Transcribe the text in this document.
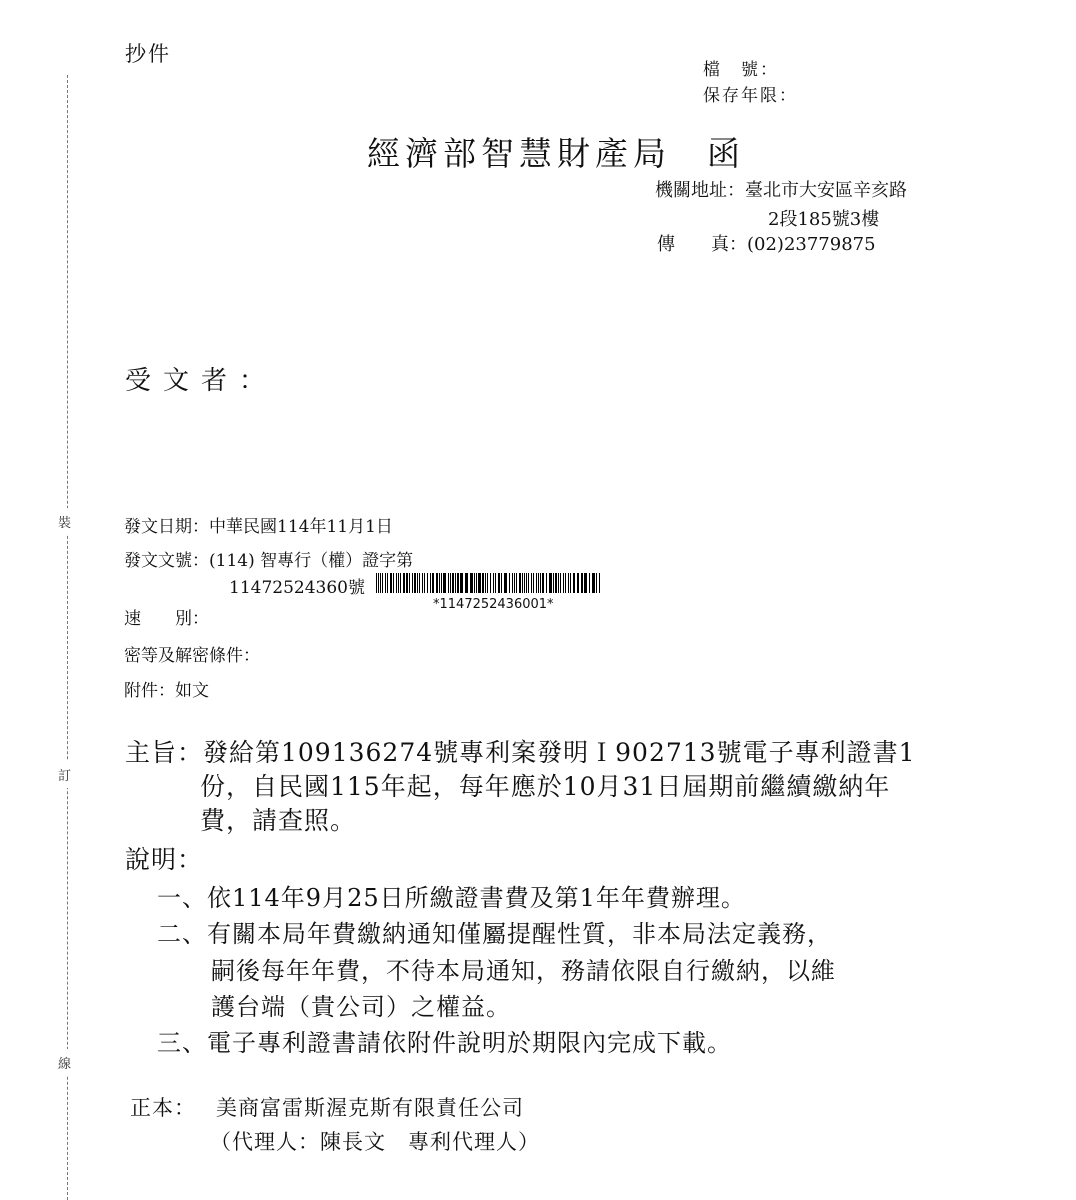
裝
訂
線
抄件
檔　號：
保存年限：
經濟部智慧財產局 函
機關地址：臺北市大安區辛亥路
2段185號3樓
傳　　真：(02)23779875
受文者：
發文日期：中華民國114年11月1日
發文文號：(114) 智專行（權）證字第
11472524360號
*1147252436001*
速　　別：
密等及解密條件：
附件：如文
主旨：發給第109136274號專利案發明Ｉ902713號電子專利證書1
份，自民國115年起，每年應於10月31日屆期前繼續繳納年
費，請查照。
說明：
一、依114年9月25日所繳證書費及第1年年費辦理。
二、有關本局年費繳納通知僅屬提醒性質，非本局法定義務，
嗣後每年年費，不待本局通知，務請依限自行繳納，以維
護台端（貴公司）之權益。
三、電子專利證書請依附件說明於期限內完成下載。
正本： 美商富雷斯渥克斯有限責任公司
（代理人：陳長文　專利代理人）
